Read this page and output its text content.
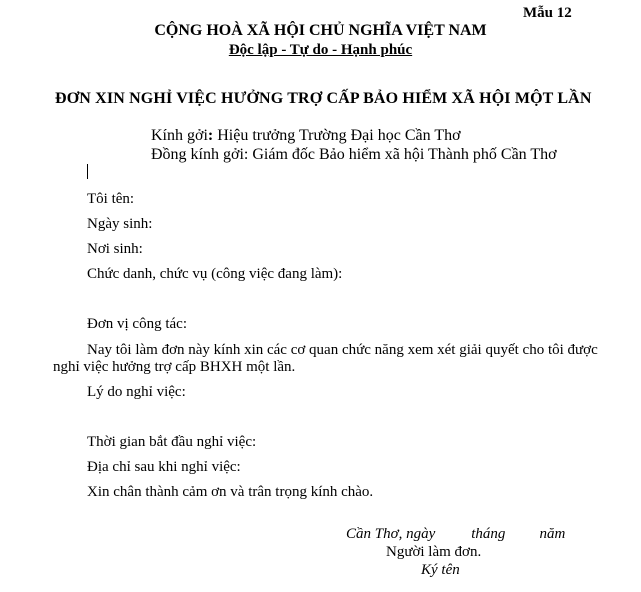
Mẫu 12
CỘNG HOÀ XÃ HỘI CHỦ NGHĨA VIỆT NAM
Độc lập - Tự do - Hạnh phúc
ĐƠN XIN NGHỈ VIỆC HƯỞNG TRỢ CẤP BẢO HIỂM XÃ HỘI MỘT LẦN
Kính gởi: Hiệu trưởng Trường Đại học Cần Thơ
Đồng kính gởi: Giám đốc Bảo hiểm xã hội Thành phố Cần Thơ
Tôi tên:
Ngày sinh:
Nơi sinh:
Chức danh, chức vụ (công việc đang làm):
Đơn vị công tác:
Nay tôi làm đơn này kính xin các cơ quan chức năng xem xét giải quyết cho tôi được
nghỉ việc hưởng trợ cấp BHXH một lần.
Lý do nghỉ việc:
Thời gian bắt đầu nghỉ việc:
Địa chỉ sau khi nghỉ việc:
Xin chân thành cảm ơn và trân trọng kính chào.
Cần Thơ, ngày tháng năm
Người làm đơn.
Ký tên
